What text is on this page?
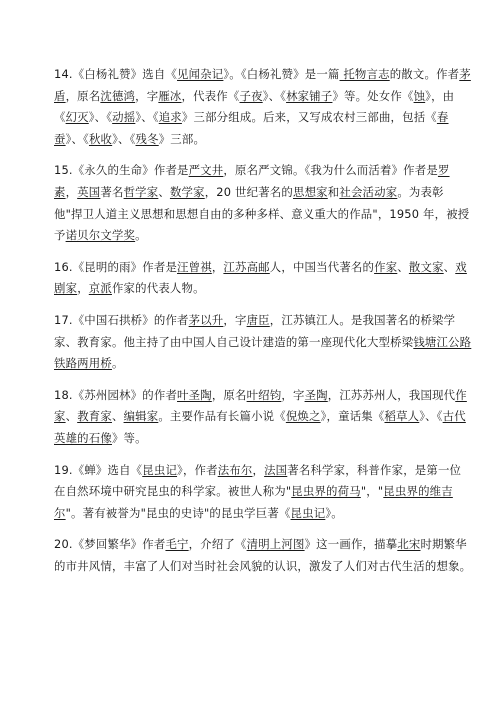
14.《白杨礼赞》选自《见闻杂记》。《白杨礼赞》是一篇 托物言志的散文。作者茅盾，原名沈德鸿，字雁冰，代表作《子夜》、《林家铺子》等。处女作《蚀》，由《幻灭》、《动摇》、《追求》三部分组成。后来，又写成农村三部曲，包括《春蚕》、《秋收》、《残冬》三部。
15.《永久的生命》作者是严文井，原名严文锦。《我为什么而活着》作者是罗素，英国著名哲学家、数学家，20 世纪著名的思想家和社会活动家。为表彰他"捍卫人道主义思想和思想自由的多种多样、意义重大的作品"，1950 年，被授予诺贝尔文学奖。
16.《昆明的雨》作者是汪曾祺，江苏高邮人，中国当代著名的作家、散文家、戏剧家，京派作家的代表人物。
17.《中国石拱桥》的作者茅以升，字唐臣，江苏镇江人。是我国著名的桥梁学家、教育家。他主持了由中国人自己设计建造的第一座现代化大型桥梁钱塘江公路铁路两用桥。
18.《苏州园林》的作者叶圣陶，原名叶绍钧，字圣陶，江苏苏州人，我国现代作家、教育家、编辑家。主要作品有长篇小说《倪焕之》，童话集《稻草人》、《古代英雄的石像》等。
19.《蝉》选自《昆虫记》，作者法布尔，法国著名科学家，科普作家，是第一位在自然环境中研究昆虫的科学家。被世人称为"昆虫界的荷马"，"昆虫界的维吉尔"。著有被誉为"昆虫的史诗"的昆虫学巨著《昆虫记》。
20.《梦回繁华》作者毛宁，介绍了《清明上河图》这一画作，描摹北宋时期繁华的市井风情，丰富了人们对当时社会风貌的认识，激发了人们对古代生活的想象。
